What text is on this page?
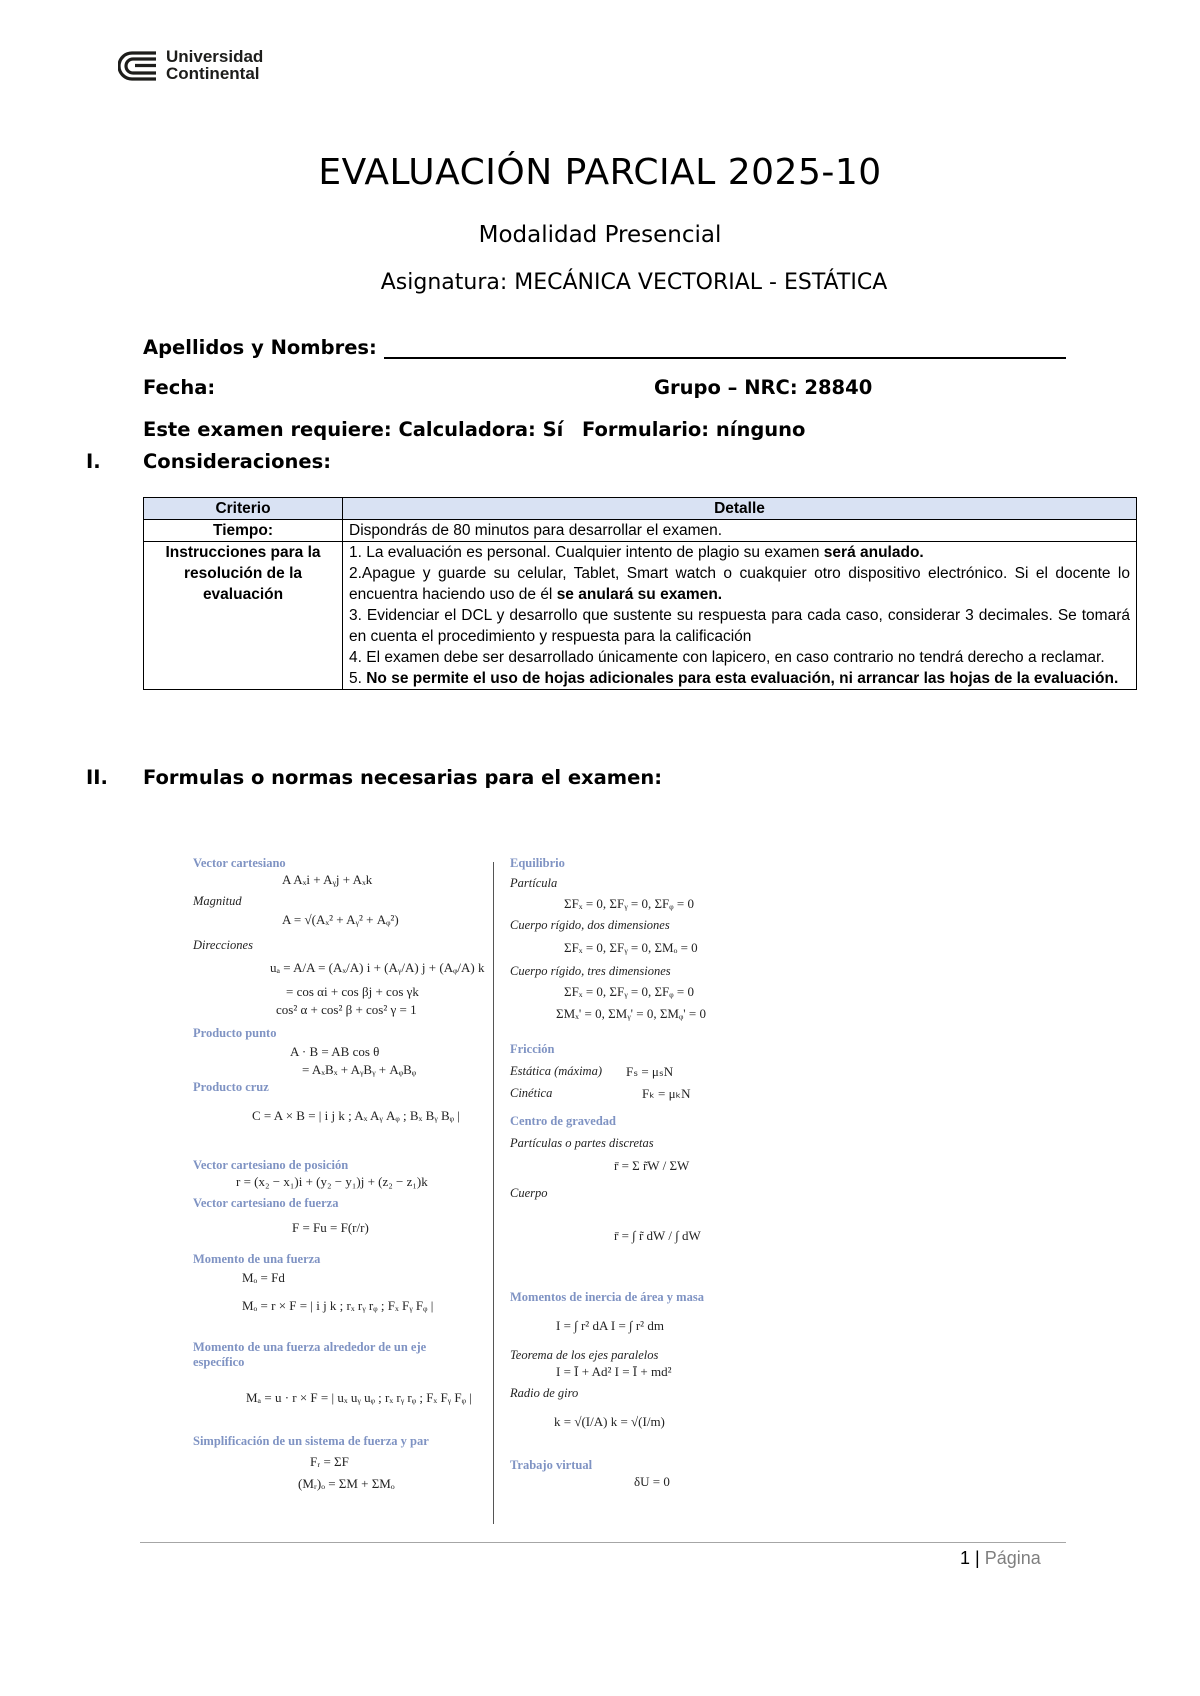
Universidad
Continental
EVALUACIÓN PARCIAL 2025-10
Modalidad Presencial
Asignatura: MECÁNICA VECTORIAL - ESTÁTICA
Apellidos y Nombres:
Fecha:	Grupo – NRC: 28840
Este examen requiere: Calculadora: Sí Formulario: nínguno
I. Consideraciones:
Criterio	Detalle
Tiempo:	Dispondrás de 80 minutos para desarrollar el examen.
Instrucciones para la resolución de la evaluación	1. La evaluación es personal. Cualquier intento de plagio su examen será anulado.
2.Apague y guarde su celular, Tablet, Smart watch o cuakquier otro dispositivo electrónico. Si el docente lo encuentra haciendo uso de él se anulará su examen.
3. Evidenciar el DCL y desarrollo que sustente su respuesta para cada caso, considerar 3 decimales. Se tomará en cuenta el procedimiento y respuesta para la calificación
4. El examen debe ser desarrollado únicamente con lapicero, en caso contrario no tendrá derecho a reclamar.
5. No se permite el uso de hojas adicionales para esta evaluación, ni arrancar las hojas de la evaluación.
II. Formulas o normas necesarias para el examen:
Vector cartesiano
A Aₓi + Aᵧj + Aₓk
Magnitud
A = √(Aₓ² + Aᵧ² + Aᵩ²)
Direcciones
uₐ = A/A = (Aₓ/A) i + (Aᵧ/A) j + (Aᵩ/A) k
= cos αi + cos βj + cos γk
cos² α + cos² β + cos² γ = 1
Producto punto
A · B = AB cos θ
= AₓBₓ + AᵧBᵧ + AᵩBᵩ
Producto cruz
C = A × B = | i j k ; Aₓ Aᵧ Aᵩ ; Bₓ Bᵧ Bᵩ |
Vector cartesiano de posición
r = (x₂ − x₁)i + (y₂ − y₁)j + (z₂ − z₁)k
Vector cartesiano de fuerza
F = Fu = F(r/r)
Momento de una fuerza
Mₒ = Fd
Mₒ = r × F = | i j k ; rₓ rᵧ rᵩ ; Fₓ Fᵧ Fᵩ |
Momento de una fuerza alrededor de un eje específico
Mₐ = u · r × F = | uₓ uᵧ uᵩ ; rₓ rᵧ rᵩ ; Fₓ Fᵧ Fᵩ |
Simplificación de un sistema de fuerza y par
Fᵣ = ΣF
(Mᵣ)ₒ = ΣM + ΣMₒ
Equilibrio
Partícula
ΣFₓ = 0, ΣFᵧ = 0, ΣFᵩ = 0
Cuerpo rígido, dos dimensiones
ΣFₓ = 0, ΣFᵧ = 0, ΣMₒ = 0
Cuerpo rígido, tres dimensiones
ΣFₓ = 0, ΣFᵧ = 0, ΣFᵩ = 0
ΣMₓ' = 0, ΣMᵧ' = 0, ΣMᵩ' = 0
Fricción
Estática (máxima) Fₛ = μₛN
Cinética	Fₖ = μₖN
Centro de gravedad
Partículas o partes discretas
r̄ = Σ r̃W / ΣW
Cuerpo
r̄ = ∫ r̃ dW / ∫ dW
Momentos de inercia de área y masa
I = ∫ r² dA I = ∫ r² dm
Teorema de los ejes paralelos
I = Ī + Ad² I = Ī + md²
Radio de giro
k = √(I/A) k = √(I/m)
Trabajo virtual
δU = 0
1 | Página
